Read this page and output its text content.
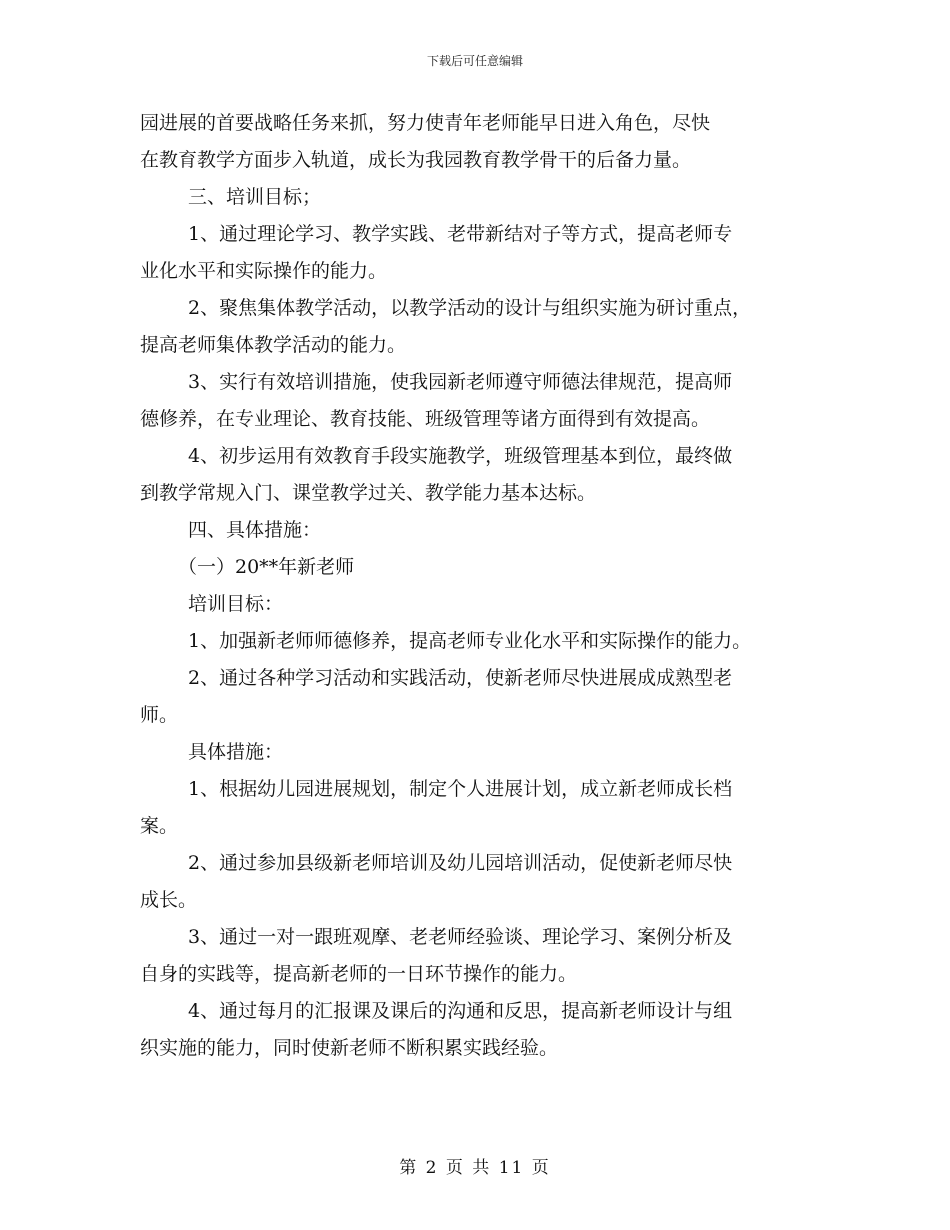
下载后可任意编辑
园进展的首要战略任务来抓，努力使青年老师能早日进入角色，尽快
在教育教学方面步入轨道，成长为我园教育教学骨干的后备力量。
三、培训目标；
1、通过理论学习、教学实践、老带新结对子等方式，提高老师专
业化水平和实际操作的能力。
2、聚焦集体教学活动，以教学活动的设计与组织实施为研讨重点，
提高老师集体教学活动的能力。
3、实行有效培训措施，使我园新老师遵守师德法律规范，提高师
德修养，在专业理论、教育技能、班级管理等诸方面得到有效提高。
4、初步运用有效教育手段实施教学，班级管理基本到位，最终做
到教学常规入门、课堂教学过关、教学能力基本达标。
四、具体措施：
（一）20**年新老师
培训目标：
1、加强新老师师德修养，提高老师专业化水平和实际操作的能力。
2、通过各种学习活动和实践活动，使新老师尽快进展成成熟型老
师。
具体措施：
1、根据幼儿园进展规划，制定个人进展计划，成立新老师成长档
案。
2、通过参加县级新老师培训及幼儿园培训活动，促使新老师尽快
成长。
3、通过一对一跟班观摩、老老师经验谈、理论学习、案例分析及
自身的实践等，提高新老师的一日环节操作的能力。
4、通过每月的汇报课及课后的沟通和反思，提高新老师设计与组
织实施的能力，同时使新老师不断积累实践经验。
第 2 页 共 11 页
